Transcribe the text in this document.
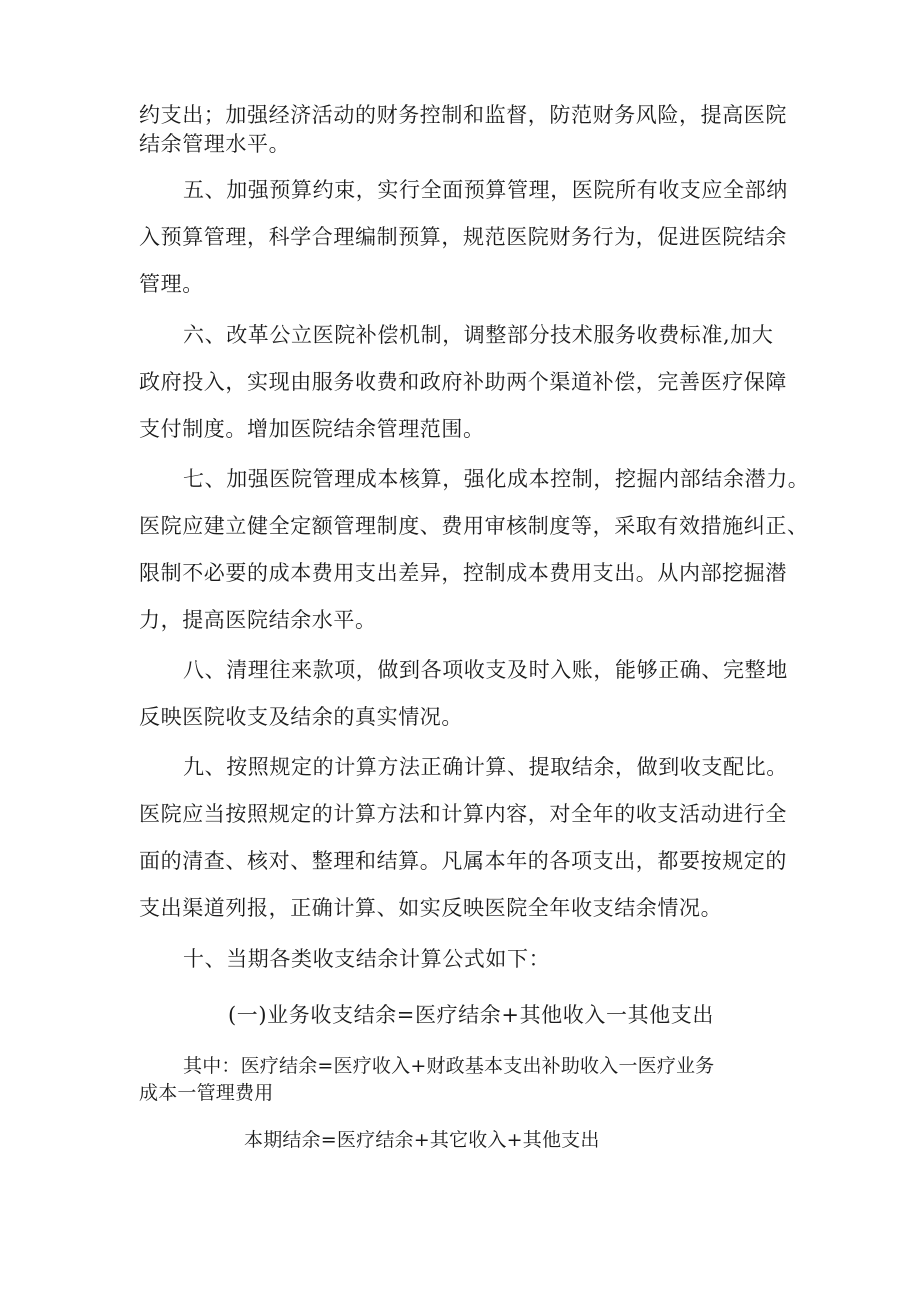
约支出；加强经济活动的财务控制和监督，防范财务风险，提高医院
结余管理水平。
五、加强预算约束，实行全面预算管理，医院所有收支应全部纳
入预算管理，科学合理编制预算，规范医院财务行为，促进医院结余
管理。
六、改革公立医院补偿机制，调整部分技术服务收费标准,加大
政府投入，实现由服务收费和政府补助两个渠道补偿，完善医疗保障
支付制度。增加医院结余管理范围。
七、加强医院管理成本核算，强化成本控制，挖掘内部结余潜力。
医院应建立健全定额管理制度、费用审核制度等，采取有效措施纠正、
限制不必要的成本费用支出差异，控制成本费用支出。从内部挖掘潜
力，提高医院结余水平。
八、清理往来款项，做到各项收支及时入账，能够正确、完整地
反映医院收支及结余的真实情况。
九、按照规定的计算方法正确计算、提取结余，做到收支配比。
医院应当按照规定的计算方法和计算内容，对全年的收支活动进行全
面的清查、核对、整理和结算。凡属本年的各项支出，都要按规定的
支出渠道列报，正确计算、如实反映医院全年收支结余情况。
十、当期各类收支结余计算公式如下：
(一)业务收支结余=医疗结余+其他收入一其他支出
其中：医疗结余=医疗收入+财政基本支出补助收入一医疗业务
成本一管理费用
本期结余=医疗结余+其它收入+其他支出
